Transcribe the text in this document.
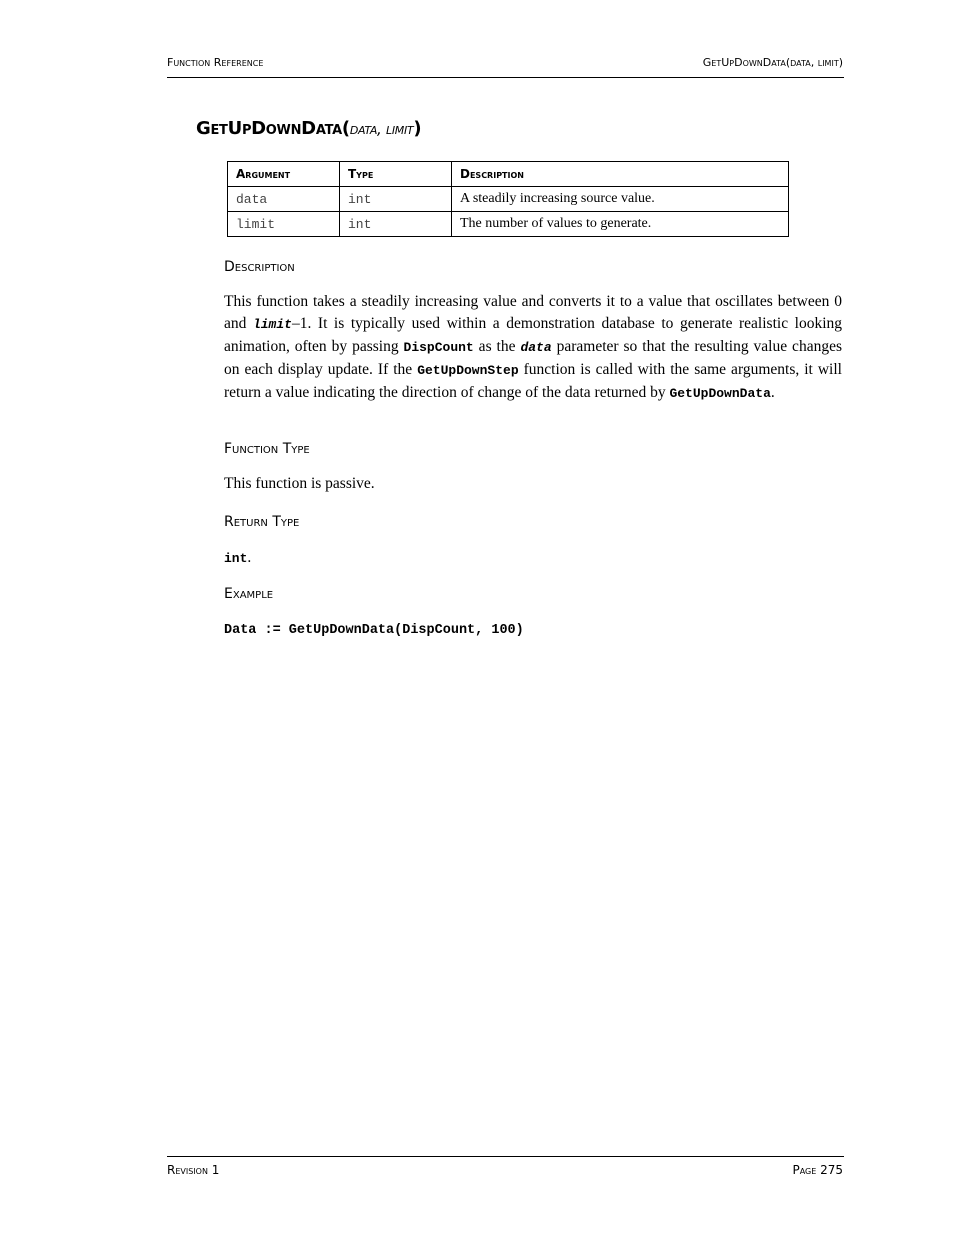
Function Reference	GetUpDownData(data, limit)
GetUpDownData(data, limit)
Argument	Type	Description
data	int	A steadily increasing source value.
limit	int	The number of values to generate.
Description
This function takes a steadily increasing value and converts it to a value that oscillates between 0 and limit–1. It is typically used within a demonstration database to generate realistic looking animation, often by passing DispCount as the data parameter so that the resulting value changes on each display update. If the GetUpDownStep function is called with the same arguments, it will return a value indicating the direction of change of the data returned by GetUpDownData.
Function Type
This function is passive.
Return Type
int.
Example
Data := GetUpDownData(DispCount, 100)
Revision 1	Page 275
